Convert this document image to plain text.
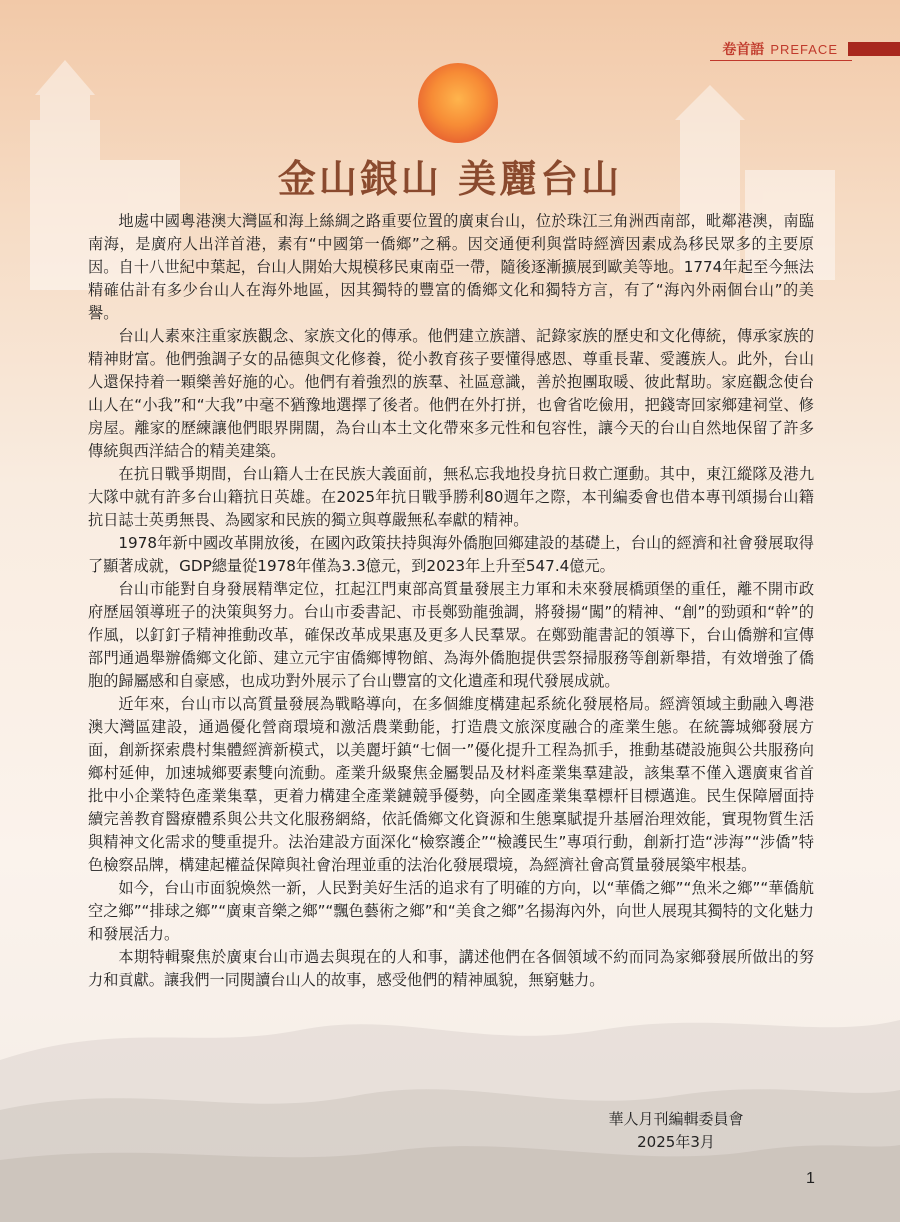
卷首語 PREFACE
金山銀山 美麗台山

地處中國粵港澳大灣區和海上絲綢之路重要位置的廣東台山，位於珠江三角洲西南部，毗鄰港澳，南臨南海，是廣府人出洋首港，素有“中國第一僑鄉”之稱。因交通便利與當時經濟因素成為移民眾多的主要原因。自十八世紀中葉起，台山人開始大規模移民東南亞一帶，隨後逐漸擴展到歐美等地。1774年起至今無法精確估計有多少台山人在海外地區，因其獨特的豐富的僑鄉文化和獨特方言，有了“海內外兩個台山”的美譽。

台山人素來注重家族觀念、家族文化的傳承。他們建立族譜、記錄家族的歷史和文化傳統，傳承家族的精神財富。他們強調子女的品德與文化修養，從小教育孩子要懂得感恩、尊重長輩、愛護族人。此外，台山人還保持着一顆樂善好施的心。他們有着強烈的族羣、社區意識，善於抱團取暖、彼此幫助。家庭觀念使台山人在“小我”和“大我”中毫不猶豫地選擇了後者。他們在外打拼，也會省吃儉用，把錢寄回家鄉建祠堂、修房屋。離家的歷練讓他們眼界開闊，為台山本土文化帶來多元性和包容性，讓今天的台山自然地保留了許多傳統與西洋結合的精美建築。

在抗日戰爭期間，台山籍人士在民族大義面前，無私忘我地投身抗日救亡運動。其中，東江縱隊及港九大隊中就有許多台山籍抗日英雄。在2025年抗日戰爭勝利80週年之際，本刊編委會也借本專刊頌揚台山籍抗日誌士英勇無畏、為國家和民族的獨立與尊嚴無私奉獻的精神。

1978年新中國改革開放後，在國內政策扶持與海外僑胞回鄉建設的基礎上，台山的經濟和社會發展取得了顯著成就，GDP總量從1978年僅為3.3億元，到2023年上升至547.4億元。

台山市能對自身發展精準定位，扛起江門東部高質量發展主力軍和未來發展橋頭堡的重任，離不開市政府歷屆領導班子的決策與努力。台山市委書記、市長鄭勁龍強調，將發揚“闖”的精神、“創”的勁頭和“幹”的作風，以釘釘子精神推動改革，確保改革成果惠及更多人民羣眾。在鄭勁龍書記的領導下，台山僑辦和宣傳部門通過舉辦僑鄉文化節、建立元宇宙僑鄉博物館、為海外僑胞提供雲祭掃服務等創新舉措，有效增強了僑胞的歸屬感和自豪感，也成功對外展示了台山豐富的文化遺產和現代發展成就。

近年來，台山市以高質量發展為戰略導向，在多個維度構建起系統化發展格局。經濟領域主動融入粵港澳大灣區建設，通過優化營商環境和激活農業動能，打造農文旅深度融合的產業生態。在統籌城鄉發展方面，創新探索農村集體經濟新模式，以美麗圩鎮“七個一”優化提升工程為抓手，推動基礎設施與公共服務向鄉村延伸，加速城鄉要素雙向流動。產業升級聚焦金屬製品及材料產業集羣建設，該集羣不僅入選廣東省首批中小企業特色產業集羣，更着力構建全產業鏈競爭優勢，向全國產業集羣標杆目標邁進。民生保障層面持續完善教育醫療體系與公共文化服務網絡，依託僑鄉文化資源和生態稟賦提升基層治理效能，實現物質生活與精神文化需求的雙重提升。法治建設方面深化“檢察護企”“檢護民生”專項行動，創新打造“涉海”“涉僑”特色檢察品牌，構建起權益保障與社會治理並重的法治化發展環境，為經濟社會高質量發展築牢根基。

如今，台山市面貌煥然一新，人民對美好生活的追求有了明確的方向，以“華僑之鄉”“魚米之鄉”“華僑航空之鄉”“排球之鄉”“廣東音樂之鄉”“飄色藝術之鄉”和“美食之鄉”名揚海內外，向世人展現其獨特的文化魅力和發展活力。

本期特輯聚焦於廣東台山市過去與現在的人和事，講述他們在各個領域不約而同為家鄉發展所做出的努力和貢獻。讓我們一同閱讀台山人的故事，感受他們的精神風貌，無窮魅力。

華人月刊編輯委員會
2025年3月
1
